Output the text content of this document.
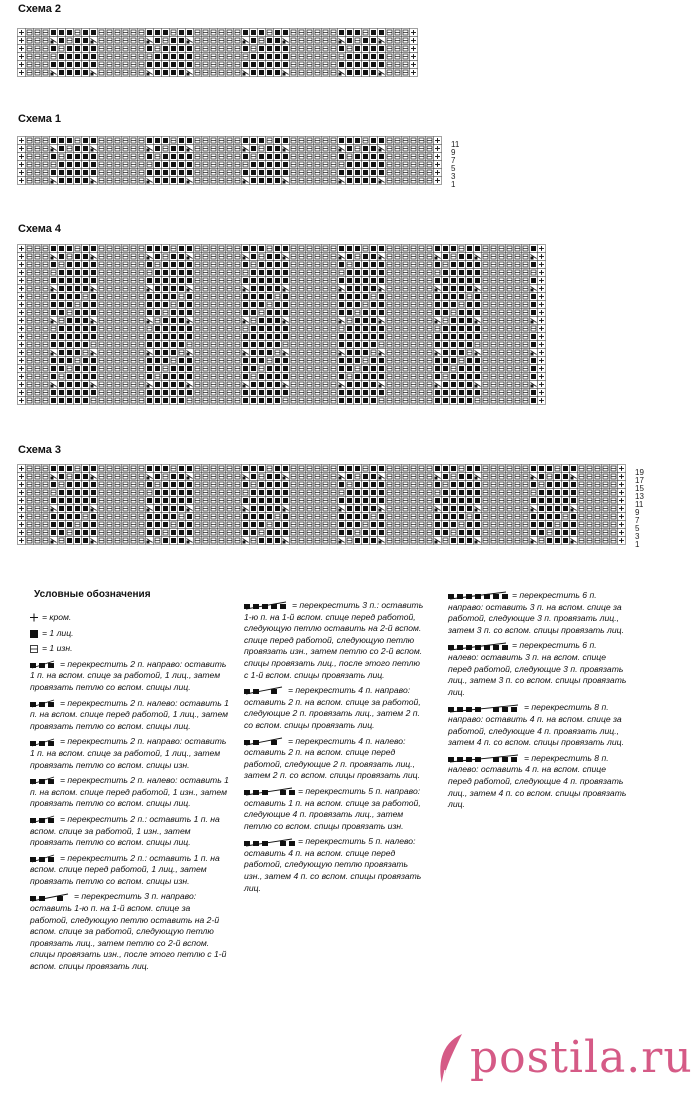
Схема 2
Схема 1
Схема 4
Схема 3
11
9
7
5
3
1
19
17
15
13
11
9
7
5
3
1
Условные обозначения
= кром.
= 1 лиц.
= 1 изн.
= перекрестить 2 п. направо: оставить 1 п. на вспом. спице за работой, 1 лиц., затем провязать петлю со вспом. спицы лиц.
= перекрестить 2 п. налево: оставить 1 п. на вспом. спице перед работой, 1 лиц., затем провязать петлю со вспом. спицы лиц.
= перекрестить 2 п. направо: оставить 1 п. на вспом. спице за работой, 1 лиц., затем провязать петлю со вспом. спицы изн.
= перекрестить 2 п. налево: оставить 1 п. на вспом. спице перед работой, 1 изн., затем провязать петлю со вспом. спицы лиц.
= перекрестить 2 п.: оставить 1 п. на вспом. спице за работой, 1 изн., затем провязать петлю со вспом. спицы лиц.
= перекрестить 2 п.: оставить 1 п. на вспом. спице перед работой, 1 лиц., затем провязать петлю со вспом. спицы изн.
= перекрестить 3 п. направо: оставить 1-ю п. на 1-й вспом. спице за работой, следующую петлю оставить на 2-й вспом. спице за работой, следующую петлю провязать лиц., затем петлю со 2-й вспом. спицы провязать изн., после этого петлю с 1-й вспом. спицы провязать лиц.
= перекрестить 3 п.: оставить 1-ю п. на 1-й вспом. спице перед работой, следующую петлю оставить на 2-й вспом. спице перед работой, следующую петлю провязать изн., затем петлю со 2-й вспом. спицы провязать лиц., после этого петлю с 1-й вспом. спицы провязать лиц.
= перекрестить 4 п. направо: оставить 2 п. на вспом. спице за работой, следующие 2 п. провязать лиц., затем 2 п. со вспом. спицы провязать лиц.
= перекрестить 4 п. налево: оставить 2 п. на вспом. спице перед работой, следующие 2 п. провязать лиц., затем 2 п. со вспом. спицы провязать лиц.
= перекрестить 5 п. направо: оставить 1 п. на вспом. спице за работой, следующие 4 п. провязать лиц., затем петлю со вспом. спицы провязать изн.
= перекрестить 5 п. налево: оставить 4 п. на вспом. спице перед работой, следующую петлю провязать изн., затем 4 п. со вспом. спицы провязать лиц.
= перекрестить 6 п. направо: оставить 3 п. на вспом. спице за работой, следующие 3 п. провязать лиц., затем 3 п. со вспом. спицы провязать лиц.
= перекрестить 6 п. налево: оставить 3 п. на вспом. спице перед работой, следующие 3 п. провязать лиц., затем 3 п. со вспом. спицы провязать лиц.
= перекрестить 8 п. направо: оставить 4 п. на вспом. спице за работой, следующие 4 п. провязать лиц., затем 4 п. со вспом. спицы провязать лиц.
= перекрестить 8 п. налево: оставить 4 п. на вспом. спице перед работой, следующие 4 п. провязать лиц., затем 4 п. со вспом. спицы провязать лиц.
postila.ru
